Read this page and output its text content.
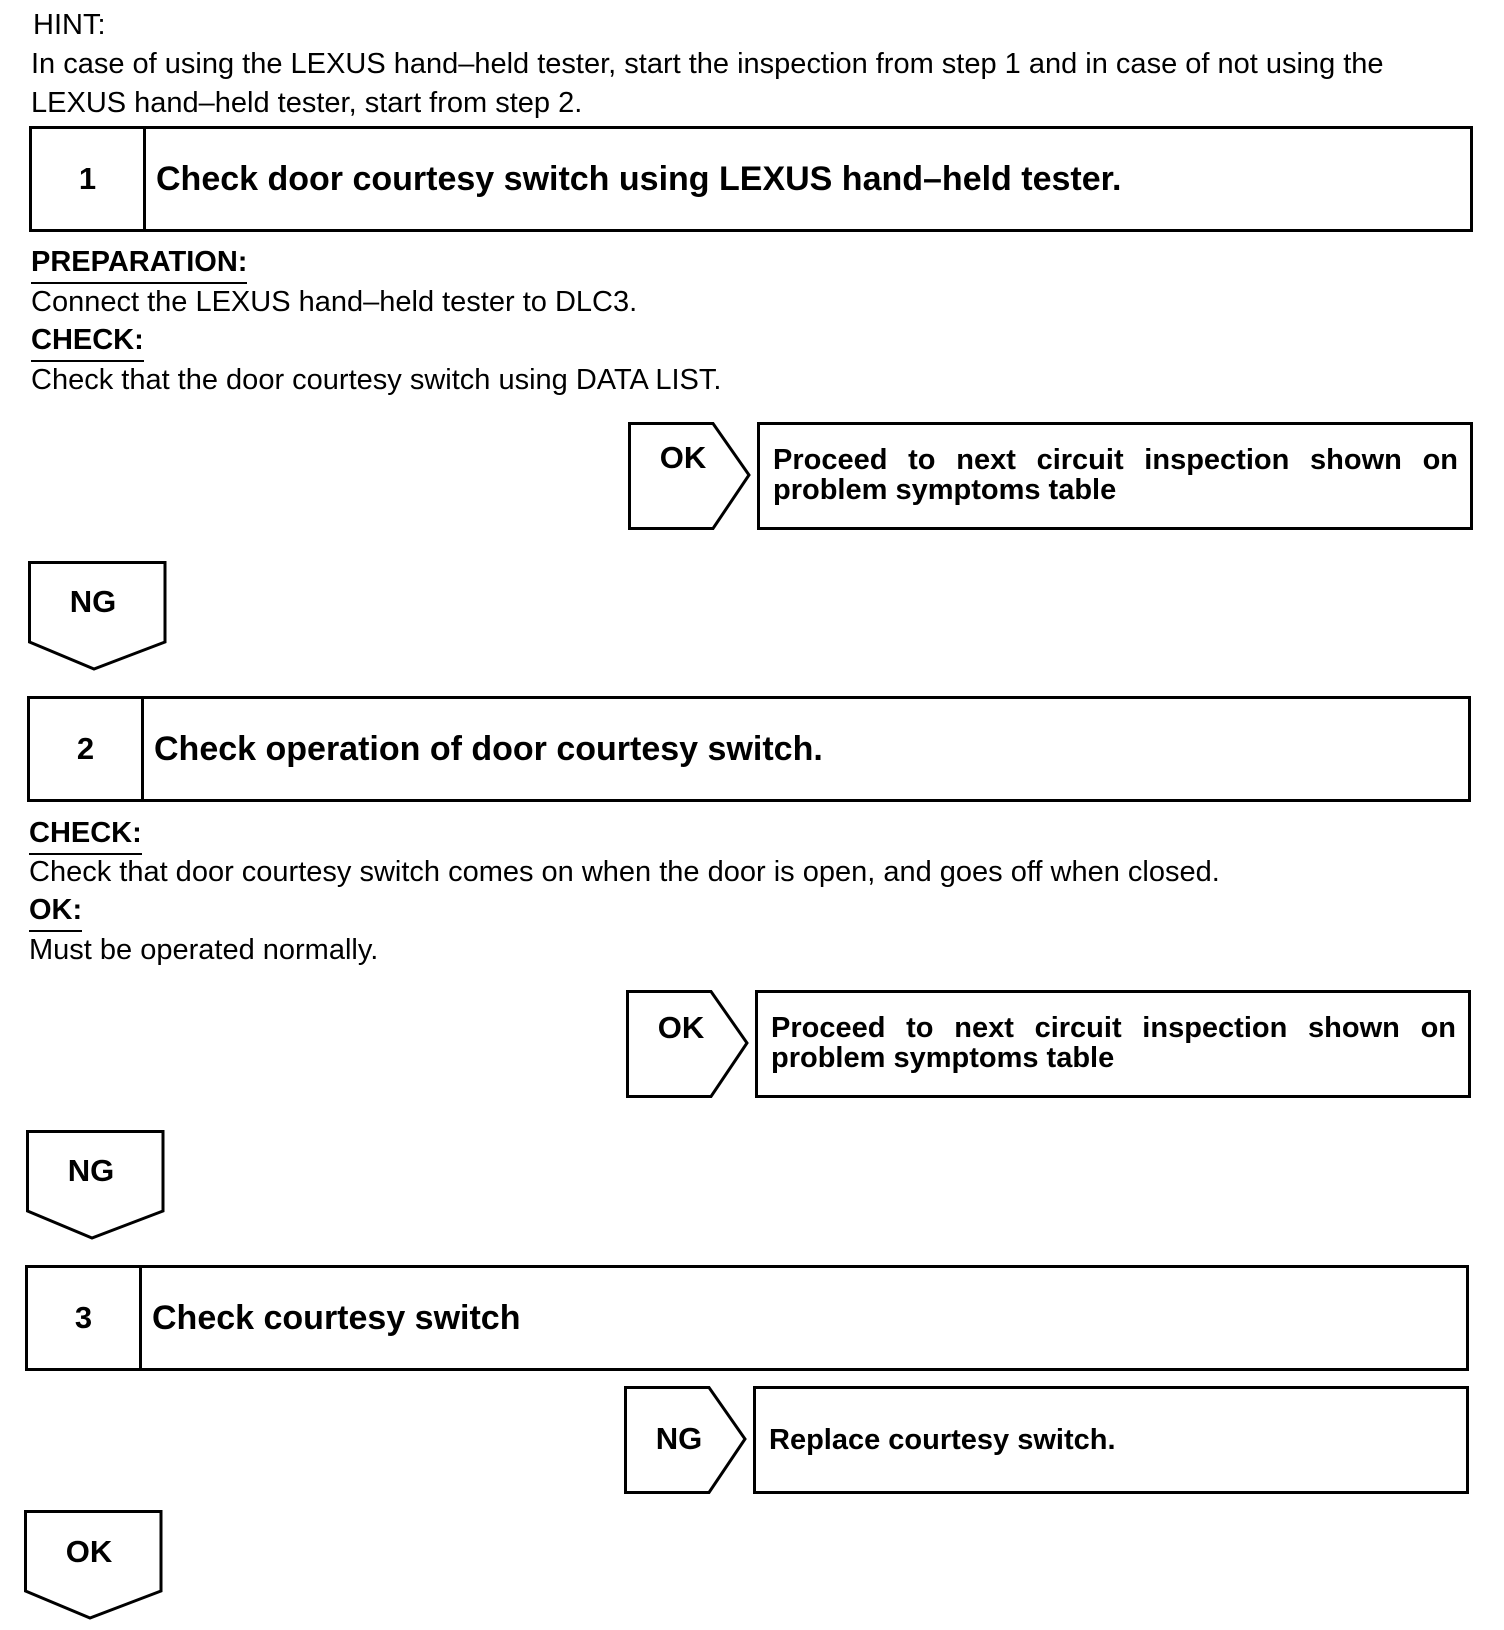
HINT:
In case of using the LEXUS hand–held tester, start the inspection from step 1 and in case of not using the LEXUS hand–held tester, start from step 2.
1	Check door courtesy switch using LEXUS hand–held tester.
PREPARATION:
Connect the LEXUS hand–held tester to DLC3.
CHECK:
Check that the door courtesy switch using DATA LIST.
OK	Proceed to next circuit inspection shown on problem symptoms table
NG
2	Check operation of door courtesy switch.
CHECK:
Check that door courtesy switch comes on when the door is open, and goes off when closed.
OK:
Must be operated normally.
OK	Proceed to next circuit inspection shown on problem symptoms table
NG
3	Check courtesy switch
NG	Replace courtesy switch.
OK
